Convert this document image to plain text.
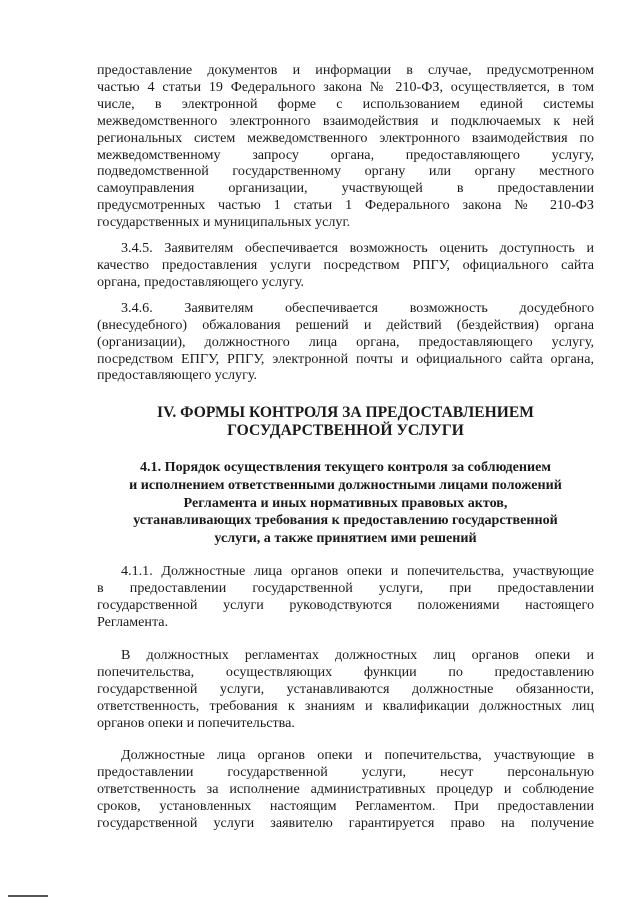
предоставление документов и информации в случае, предусмотренном
частью 4 статьи 19 Федерального закона № 210-ФЗ, осуществляется, в том
числе, в электронной форме с использованием единой системы
межведомственного электронного взаимодействия и подключаемых к ней
региональных систем межведомственного электронного взаимодействия по
межведомственному запросу органа, предоставляющего услугу,
подведомственной государственному органу или органу местного
самоуправления организации, участвующей в предоставлении
предусмотренных частью 1 статьи 1 Федерального закона № 210-ФЗ
государственных и муниципальных услуг.
3.4.5. Заявителям обеспечивается возможность оценить доступность и
качество предоставления услуги посредством РПГУ, официального сайта
органа, предоставляющего услугу.
3.4.6. Заявителям обеспечивается возможность досудебного
(внесудебного) обжалования решений и действий (бездействия) органа
(организации), должностного лица органа, предоставляющего услугу,
посредством ЕПГУ, РПГУ, электронной почты и официального сайта органа,
предоставляющего услугу.
IV. ФОРМЫ КОНТРОЛЯ ЗА ПРЕДОСТАВЛЕНИЕМ
ГОСУДАРСТВЕННОЙ УСЛУГИ
4.1. Порядок осуществления текущего контроля за соблюдением
и исполнением ответственными должностными лицами положений
Регламента и иных нормативных правовых актов,
устанавливающих требования к предоставлению государственной
услуги, а также принятием ими решений
4.1.1. Должностные лица органов опеки и попечительства, участвующие
в предоставлении государственной услуги, при предоставлении
государственной услуги руководствуются положениями настоящего
Регламента.
В должностных регламентах должностных лиц органов опеки и
попечительства, осуществляющих функции по предоставлению
государственной услуги, устанавливаются должностные обязанности,
ответственность, требования к знаниям и квалификации должностных лиц
органов опеки и попечительства.
Должностные лица органов опеки и попечительства, участвующие в
предоставлении государственной услуги, несут персональную
ответственность за исполнение административных процедур и соблюдение
сроков, установленных настоящим Регламентом. При предоставлении
государственной услуги заявителю гарантируется право на получение
